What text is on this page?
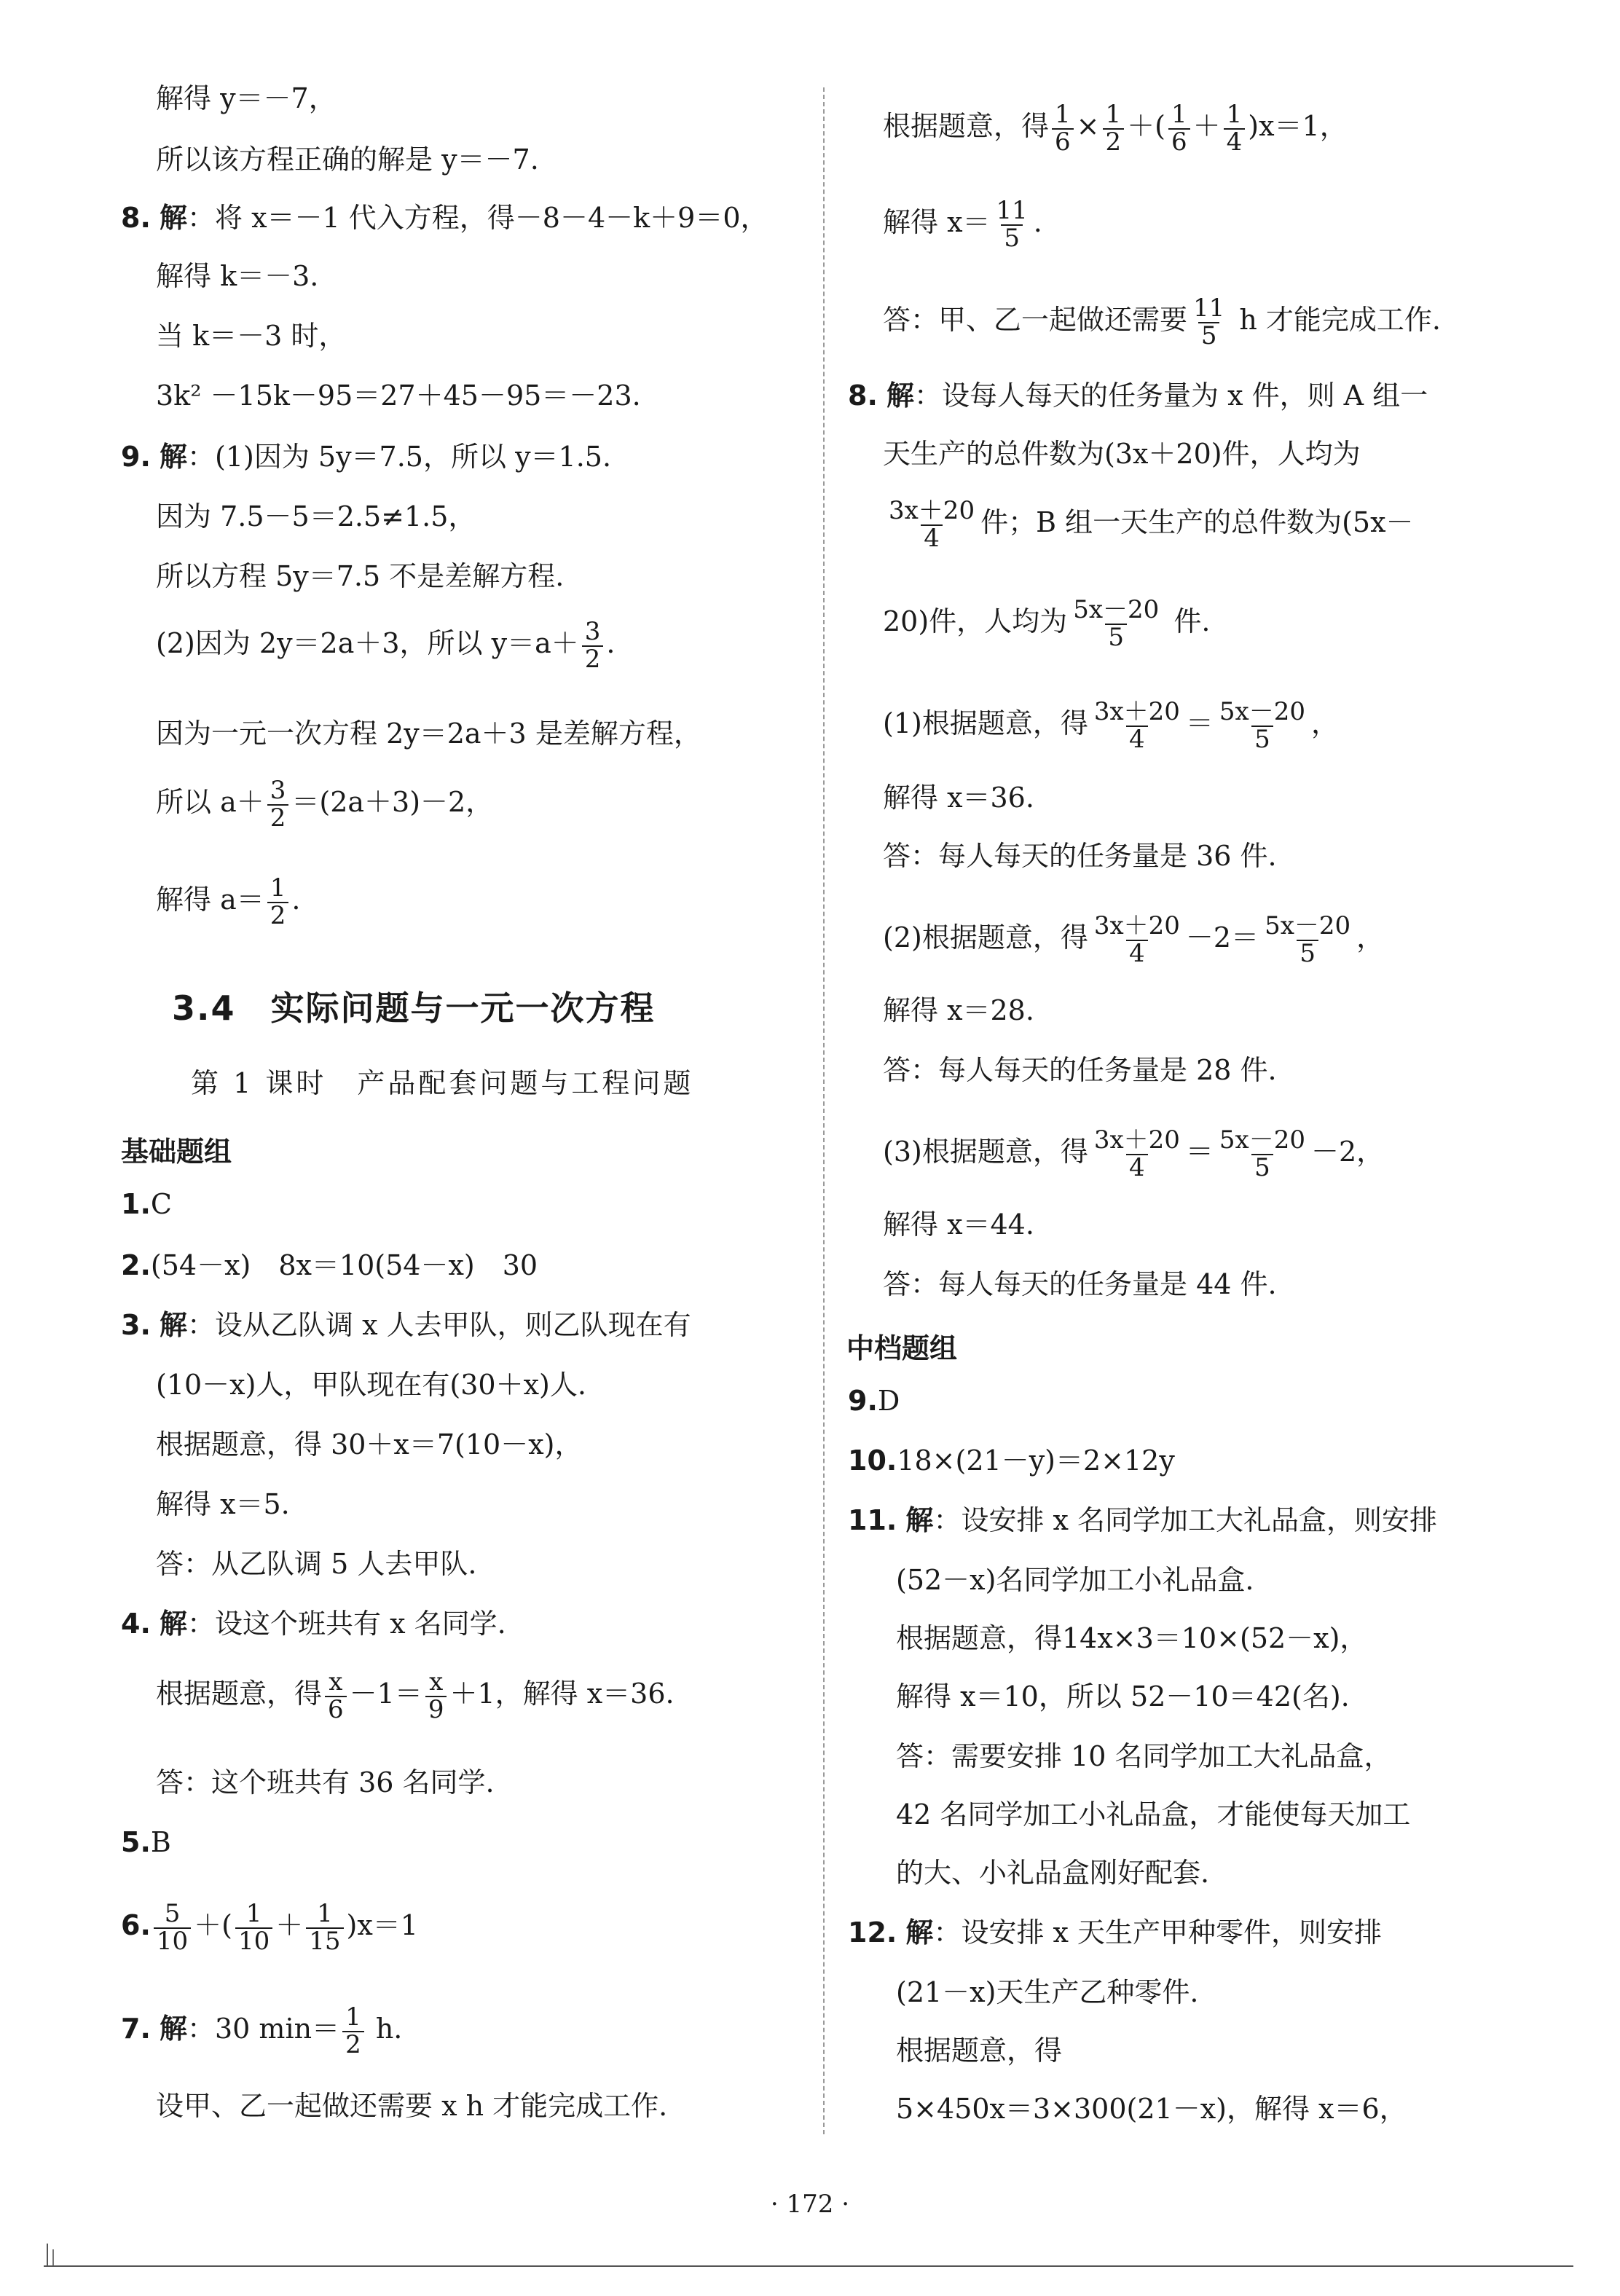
解得 y＝－7，
所以该方程正确的解是 y＝－7.
8. 解：将 x＝－1 代入方程，得－8－4－k＋9＝0，
解得 k＝－3.
当 k＝－3 时，
3k² －15k－95＝27＋45－95＝－23.
9. 解：(1)因为 5y＝7.5，所以 y＝1.5.
因为 7.5－5＝2.5≠1.5，
所以方程 5y＝7.5 不是差解方程.
(2)因为 2y＝2a＋3，所以 $y=a+ \frac{3}{2}$ .
因为一元一次方程 2y＝2a＋3 是差解方程，
所以 $a+ \frac{3}{2} =(2a+3)-2$，
解得 $a= \frac{1}{2}$ .
3.4　实际问题与一元一次方程
第 1 课时　产品配套问题与工程问题
基础题组
1.C
2.(54－x)　8x＝10(54－x)　30
3. 解：设从乙队调 x 人去甲队，则乙队现在有
(10－x)人，甲队现在有(30＋x)人.
根据题意，得 30＋x＝7(10－x)，
解得 x＝5.
答：从乙队调 5 人去甲队.
4. 解：设这个班共有 x 名同学.
根据题意，得 $\frac{x}{6} -1= \frac{x}{9} +1$，解得 x＝36.
答：这个班共有 36 名同学.
5.B
6. $\frac{5}{10}$ ＋( $\frac{1}{10} + \frac{1}{15} )x=1$
7. 解：30 $\min= \frac{1}{2} h$.
设甲、乙一起做还需要 x h 才能完成工作.
根据题意，得 $\frac{1}{6} \times \frac{1}{2}$ ＋( $\frac{1}{6} + \frac{1}{4} )x=1$，
解得 $x= \frac{11}{5}$ .
答：甲、乙一起做还需要 $\frac{11}{5}$ h 才能完成工作.
8. 解：设每人每天的任务量为 x 件，则 A 组一
天生产的总件数为(3x＋20)件，人均为
$\frac{3x+20}{4}$ 件；B 组一天生产的总件数为(5x－
20)件，人均为 $\frac{5x-20}{5}$ 件.
(1)根据题意，得 $\frac{3x+20}{4} = \frac{5x-20}{5}$ ，
解得 x＝36.
答：每人每天的任务量是 36 件.
(2)根据题意，得 $\frac{3x+20}{4} -2= \frac{5x-20}{5}$ ，
解得 x＝28.
答：每人每天的任务量是 28 件.
(3)根据题意，得 $\frac{3x+20}{4} = \frac{5x-20}{5} -2$，
解得 x＝44.
答：每人每天的任务量是 44 件.
中档题组
9.D
10.18×(21－y)＝2×12y
11. 解：设安排 x 名同学加工大礼品盒，则安排
(52－x)名同学加工小礼品盒.
根据题意，得14x×3＝10×(52－x)，
解得 x＝10，所以 52－10＝42(名).
答：需要安排 10 名同学加工大礼品盒，
42 名同学加工小礼品盒，才能使每天加工
的大、小礼品盒刚好配套.
12. 解：设安排 x 天生产甲种零件，则安排
(21－x)天生产乙种零件.
根据题意，得
5×450x＝3×300(21－x)，解得 x＝6，
· 172 ·
